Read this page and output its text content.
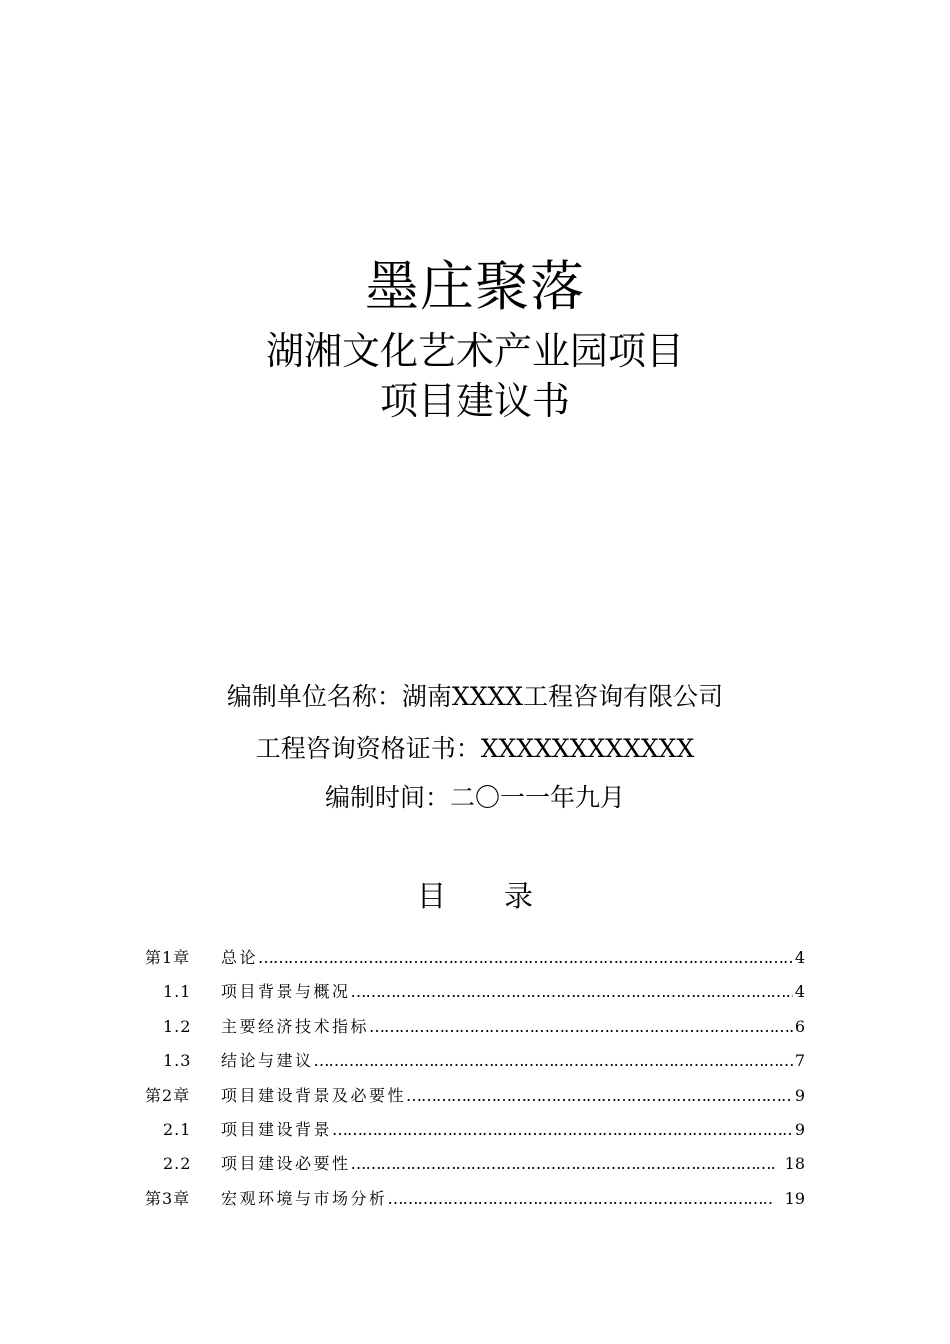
墨庄聚落
湖湘文化艺术产业园项目
项目建议书
编制单位名称：湖南XXXX工程咨询有限公司
工程咨询资格证书：XXXXXXXXXXXX
编制时间：二〇一一年九月
目 录
第1章	总论 …………………………………………………………………………………………………………………………………………	4
1.1	项目背景与概况 …………………………………………………………………………………………………………………………………………	4
1.2	主要经济技术指标 …………………………………………………………………………………………………………………………………………	6
1.3	结论与建议 …………………………………………………………………………………………………………………………………………	7
第2章	项目建设背景及必要性 …………………………………………………………………………………………………………………………………………	9
2.1	项目建设背景 …………………………………………………………………………………………………………………………………………	9
2.2	项目建设必要性 …………………………………………………………………………………………………………………………………………	18
第3章	宏观环境与市场分析 …………………………………………………………………………………………………………………………………………	19
